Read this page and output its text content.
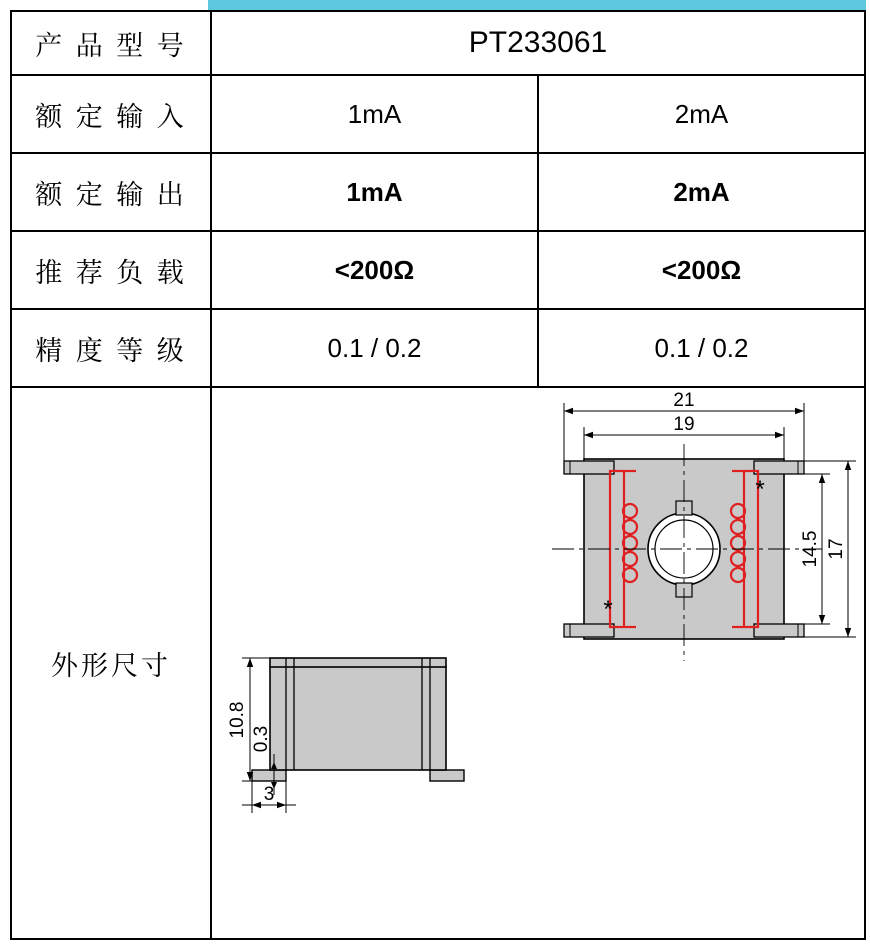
产 品 型 号	PT233061	
额 定 输 入	1mA	2mA
额 定 输 出	1mA	2mA
推 荐 负 载	<200Ω	<200Ω
精 度 等 级	0.1 / 0.2	0.1 / 0.2
外形尺寸	
10.8
0.3
3
*
*
21
19
17
14.5
